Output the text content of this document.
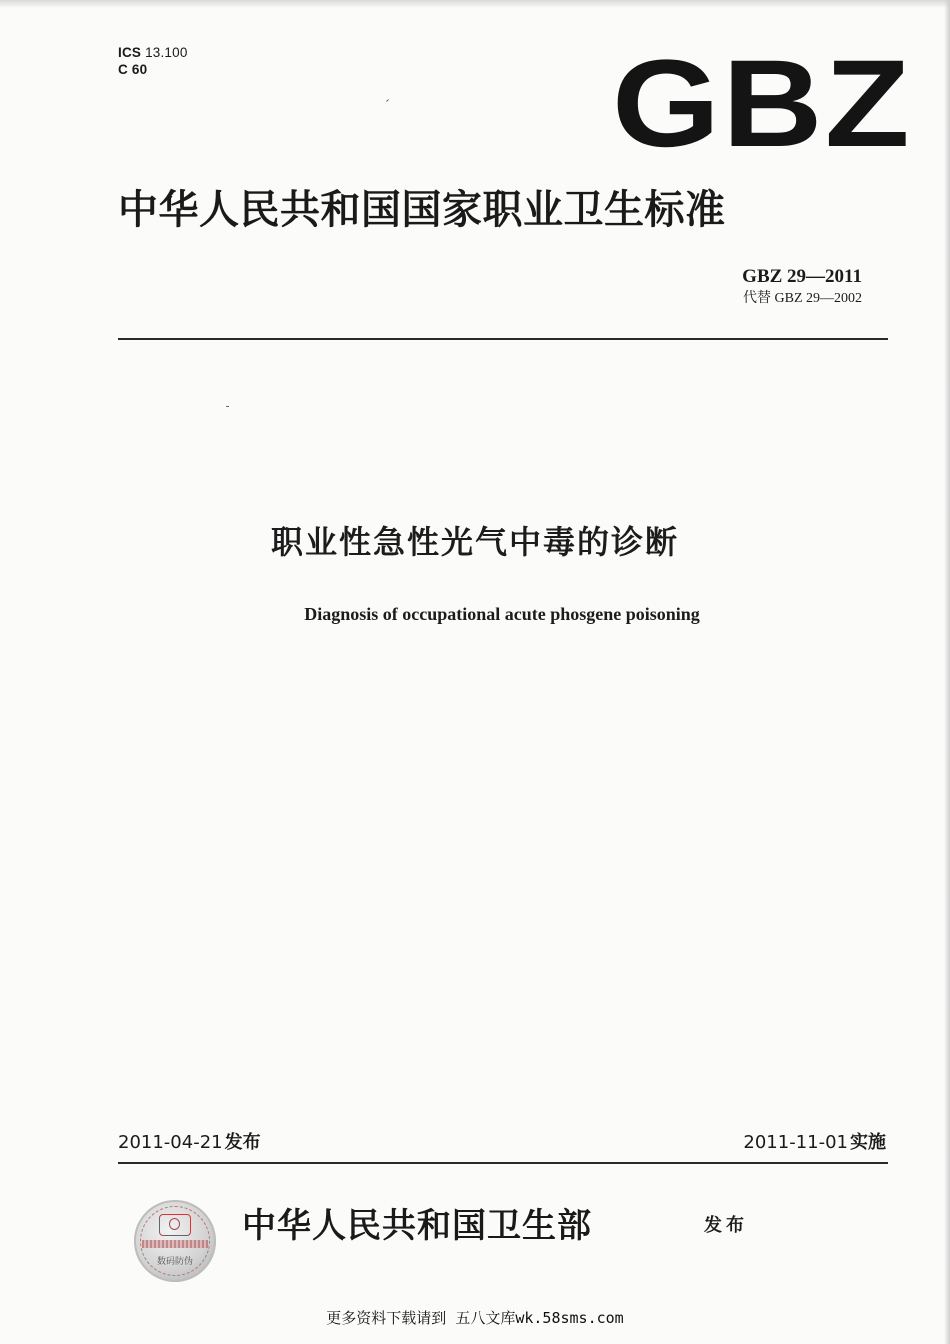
ICS 13.100
C 60	GBZ
中华人民共和国国家职业卫生标准
GBZ 29—2011
代替 GBZ 29—2002
职业性急性光气中毒的诊断
Diagnosis of occupational acute phosgene poisoning
2011-04-21 发布	2011-11-01 实施
数码防伪
中华人民共和国卫生部	发布
更多资料下载请到 五八文库wk.58sms.com
